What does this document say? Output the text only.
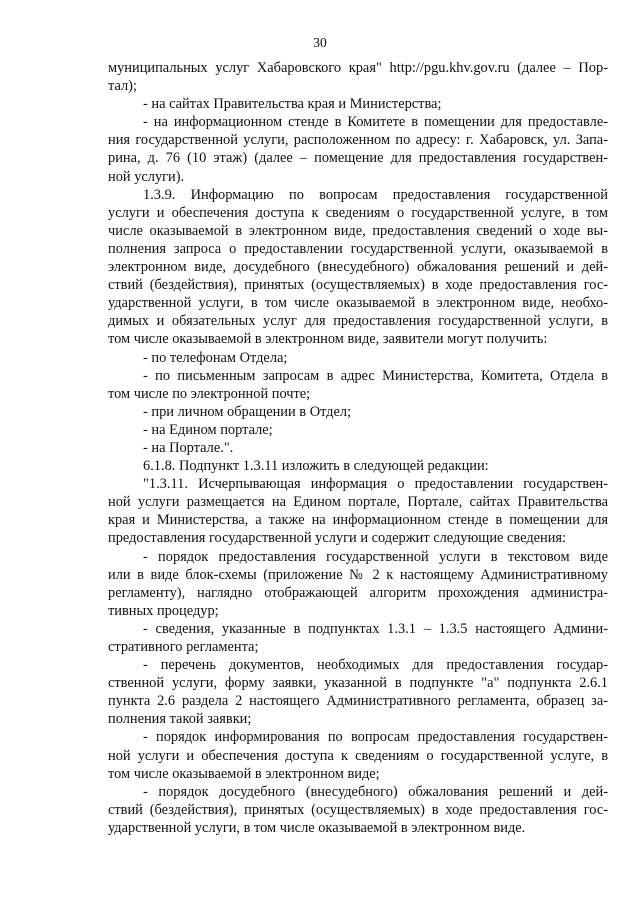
30
муниципальных услуг Хабаровского края" http://pgu.khv.gov.ru (далее – Пор-
тал);
- на сайтах Правительства края и Министерства;
- на информационном стенде в Комитете в помещении для предоставле-
ния государственной услуги, расположенном по адресу: г. Хабаровск, ул. Запа-
рина, д. 76 (10 этаж) (далее – помещение для предоставления государствен-
ной услуги).
1.3.9. Информацию по вопросам предоставления государственной
услуги и обеспечения доступа к сведениям о государственной услуге, в том
числе оказываемой в электронном виде, предоставления сведений о ходе вы-
полнения запроса о предоставлении государственной услуги, оказываемой в
электронном виде, досудебного (внесудебного) обжалования решений и дей-
ствий (бездействия), принятых (осуществляемых) в ходе предоставления гос-
ударственной услуги, в том числе оказываемой в электронном виде, необхо-
димых и обязательных услуг для предоставления государственной услуги, в
том числе оказываемой в электронном виде, заявители могут получить:
- по телефонам Отдела;
- по письменным запросам в адрес Министерства, Комитета, Отдела в
том числе по электронной почте;
- при личном обращении в Отдел;
- на Едином портале;
- на Портале.".
6.1.8. Подпункт 1.3.11 изложить в следующей редакции:
"1.3.11. Исчерпывающая информация о предоставлении государствен-
ной услуги размещается на Едином портале, Портале, сайтах Правительства
края и Министерства, а также на информационном стенде в помещении для
предоставления государственной услуги и содержит следующие сведения:
- порядок предоставления государственной услуги в текстовом виде
или в виде блок-схемы (приложение № 2 к настоящему Административному
регламенту), наглядно отображающей алгоритм прохождения администра-
тивных процедур;
- сведения, указанные в подпунктах 1.3.1 – 1.3.5 настоящего Админи-
стративного регламента;
- перечень документов, необходимых для предоставления государ-
ственной услуги, форму заявки, указанной в подпункте "а" подпункта 2.6.1
пункта 2.6 раздела 2 настоящего Административного регламента, образец за-
полнения такой заявки;
- порядок информирования по вопросам предоставления государствен-
ной услуги и обеспечения доступа к сведениям о государственной услуге, в
том числе оказываемой в электронном виде;
- порядок досудебного (внесудебного) обжалования решений и дей-
ствий (бездействия), принятых (осуществляемых) в ходе предоставления гос-
ударственной услуги, в том числе оказываемой в электронном виде.
